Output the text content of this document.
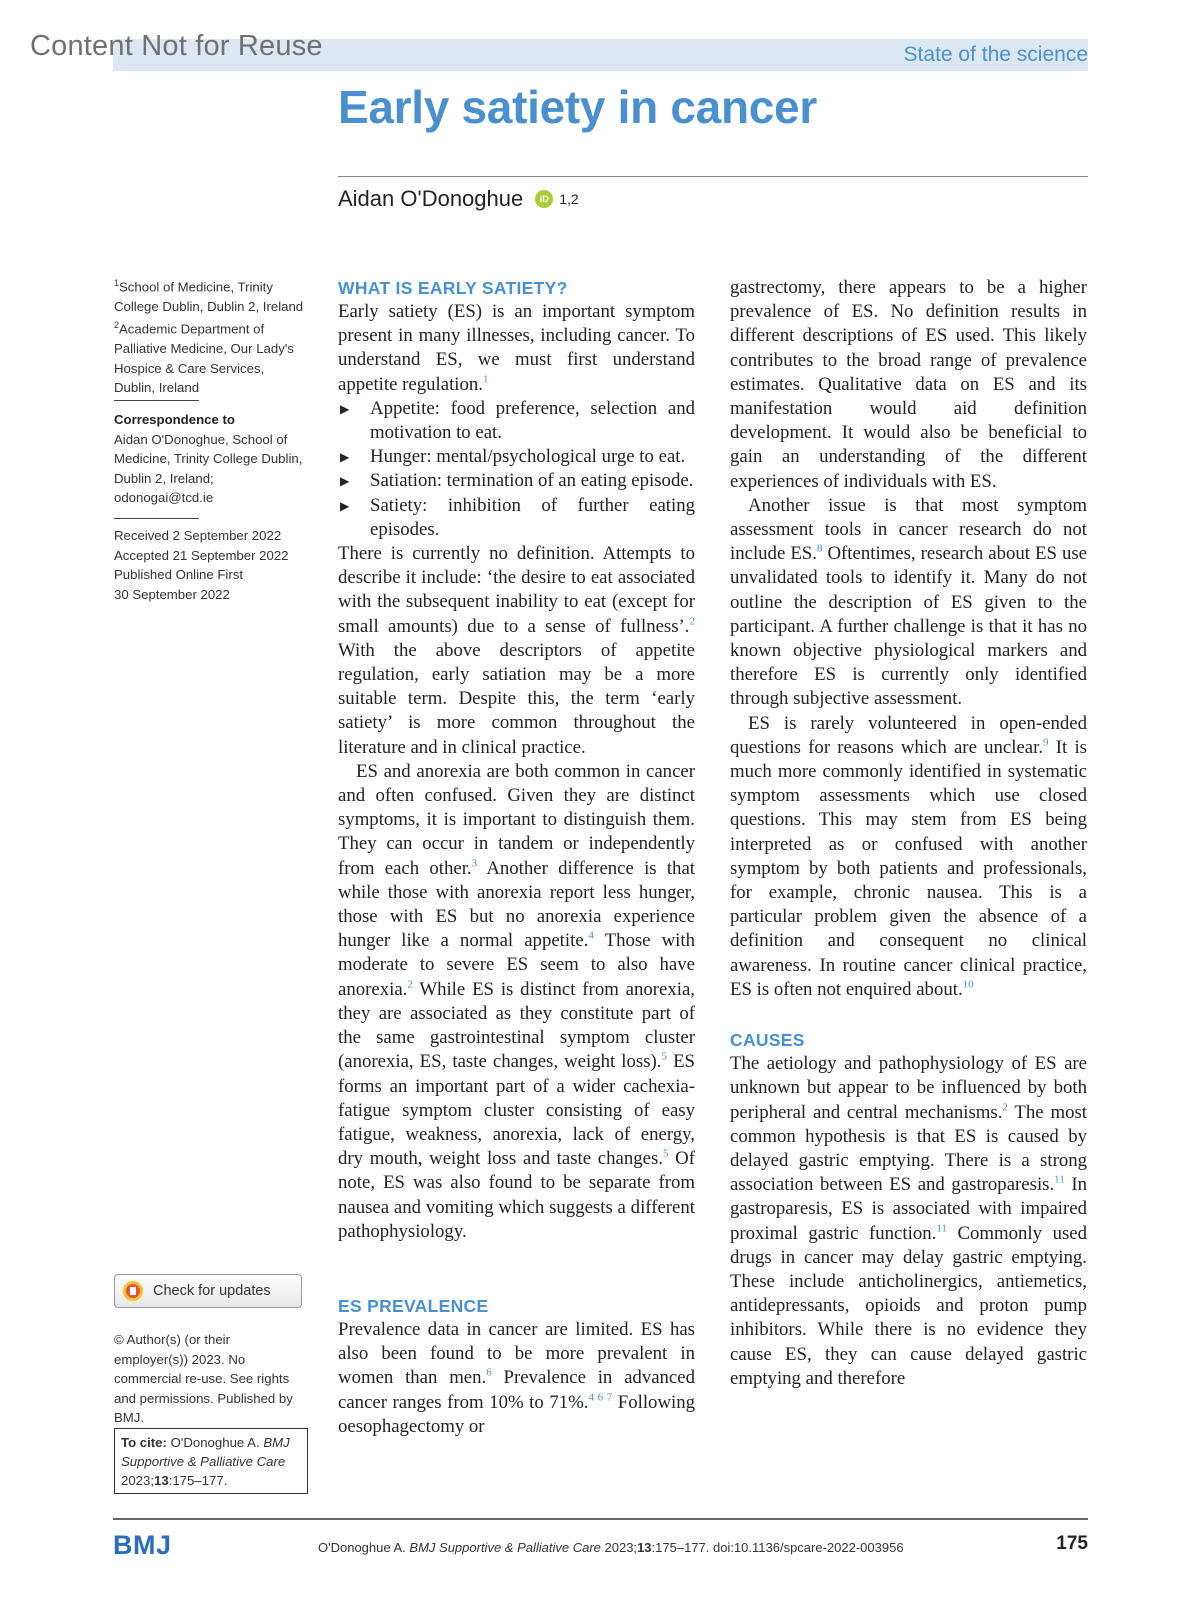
Content Not for Reuse	State of the science
Early satiety in cancer
Aidan O'Donoghue	iD 1,2
$^1$School of Medicine, Trinity College Dublin, Dublin 2, Ireland
$^2$Academic Department of Palliative Medicine, Our Lady's Hospice & Care Services, Dublin, Ireland
Correspondence to
Aidan O'Donoghue, School of Medicine, Trinity College Dublin, Dublin 2, Ireland; odonogai@tcd.ie
Received 2 September 2022
Accepted 21 September 2022
Published Online First
30 September 2022
Check for updates
© Author(s) (or their employer(s)) 2023. No commercial re-use. See rights and permissions. Published by BMJ.
To cite: O'Donoghue A. BMJ Supportive & Palliative Care 2023;13:175–177.
WHAT IS EARLY SATIETY?

Early satiety (ES) is an important symptom present in many illnesses, including cancer. To understand ES, we must first understand appetite regulation.$^1$

▶ Appetite: food preference, selection and motivation to eat.
▶ Hunger: mental/psychological urge to eat.
▶ Satiation: termination of an eating episode.
▶ Satiety: inhibition of further eating episodes.

There is currently no definition. Attempts to describe it include: ‘the desire to eat associated with the subsequent inability to eat (except for small amounts) due to a sense of fullness’.$^2$ With the above descriptors of appetite regulation, early satiation may be a more suitable term. Despite this, the term ‘early satiety’ is more common throughout the literature and in clinical practice.

ES and anorexia are both common in cancer and often confused. Given they are distinct symptoms, it is important to distinguish them. They can occur in tandem or independently from each other.$^3$ Another difference is that while those with anorexia report less hunger, those with ES but no anorexia experience hunger like a normal appetite.$^4$ Those with moderate to severe ES seem to also have anorexia.$^2$ While ES is distinct from anorexia, they are associated as they constitute part of the same gastrointestinal symptom cluster (anorexia, ES, taste changes, weight loss).$^5$ ES forms an important part of a wider cachexia-fatigue symptom cluster consisting of easy fatigue, weakness, anorexia, lack of energy, dry mouth, weight loss and taste changes.$^5$ Of note, ES was also found to be separate from nausea and vomiting which suggests a different pathophysiology.

ES PREVALENCE

Prevalence data in cancer are limited. ES has also been found to be more prevalent in women than men.$^6$ Prevalence in advanced cancer ranges from 10% to 71%.$^{4 6 7}$ Following oesophagectomy or

gastrectomy, there appears to be a higher prevalence of ES. No definition results in different descriptions of ES used. This likely contributes to the broad range of prevalence estimates. Qualitative data on ES and its manifestation would aid definition development. It would also be beneficial to gain an understanding of the different experiences of individuals with ES.

Another issue is that most symptom assessment tools in cancer research do not include ES.$^8$ Oftentimes, research about ES use unvalidated tools to identify it. Many do not outline the description of ES given to the participant. A further challenge is that it has no known objective physiological markers and therefore ES is currently only identified through subjective assessment.

ES is rarely volunteered in open-ended questions for reasons which are unclear.$^9$ It is much more commonly identified in systematic symptom assessments which use closed questions. This may stem from ES being interpreted as or confused with another symptom by both patients and professionals, for example, chronic nausea. This is a particular problem given the absence of a definition and consequent no clinical awareness. In routine cancer clinical practice, ES is often not enquired about.$^{10}$

CAUSES

The aetiology and pathophysiology of ES are unknown but appear to be influenced by both peripheral and central mechanisms.$^2$ The most common hypothesis is that ES is caused by delayed gastric emptying. There is a strong association between ES and gastroparesis.$^{11}$ In gastroparesis, ES is associated with impaired proximal gastric function.$^{11}$ Commonly used drugs in cancer may delay gastric emptying. These include anticholinergics, antiemetics, antidepressants, opioids and proton pump inhibitors. While there is no evidence they cause ES, they can cause delayed gastric emptying and therefore

BMJ	O'Donoghue A. BMJ Supportive & Palliative Care 2023;13:175–177. doi:10.1136/spcare-2022-003956	175
